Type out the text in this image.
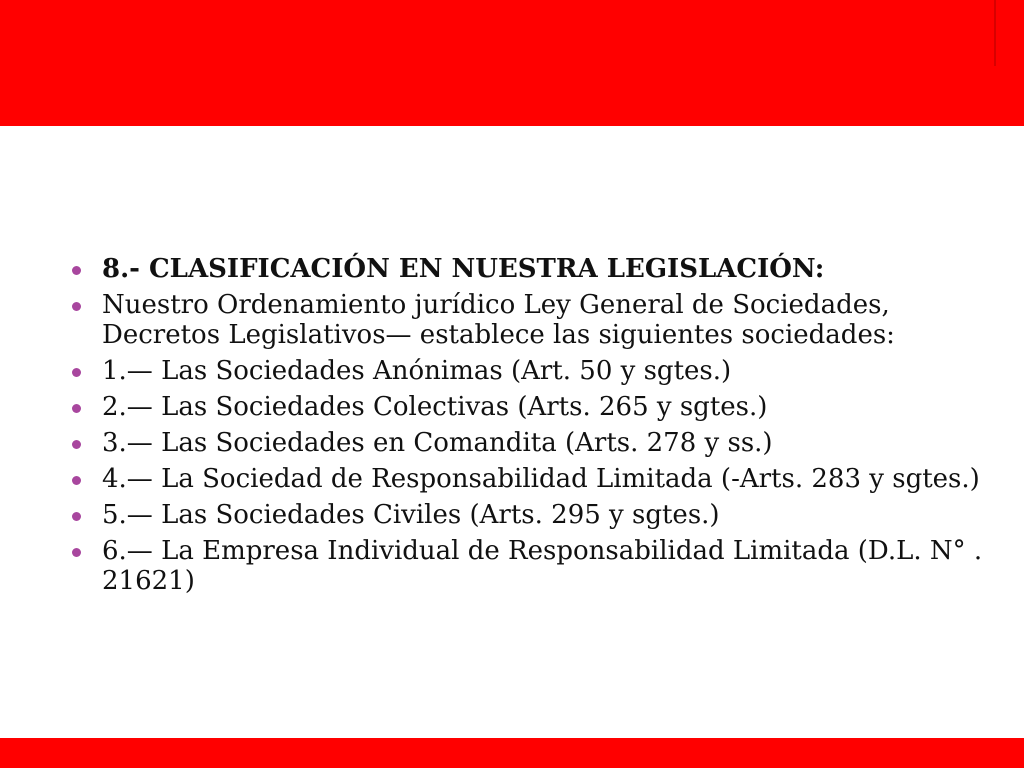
8.- CLASIFICACIÓN EN NUESTRA LEGISLACIÓN:
Nuestro Ordenamiento jurídico Ley General de Sociedades, Decretos Legislativos— establece las siguientes sociedades:
1.— Las Sociedades Anónimas (Art. 50 y sgtes.)
2.— Las Sociedades Colectivas (Arts. 265 y sgtes.)
3.— Las Sociedades en Comandita (Arts. 278 y ss.)
4.— La Sociedad de Responsabilidad Limitada (-Arts. 283 y sgtes.)
5.— Las Sociedades Civiles (Arts. 295 y sgtes.)
6.— La Empresa Individual de Responsabilidad Limitada (D.L. N° . 21621)
